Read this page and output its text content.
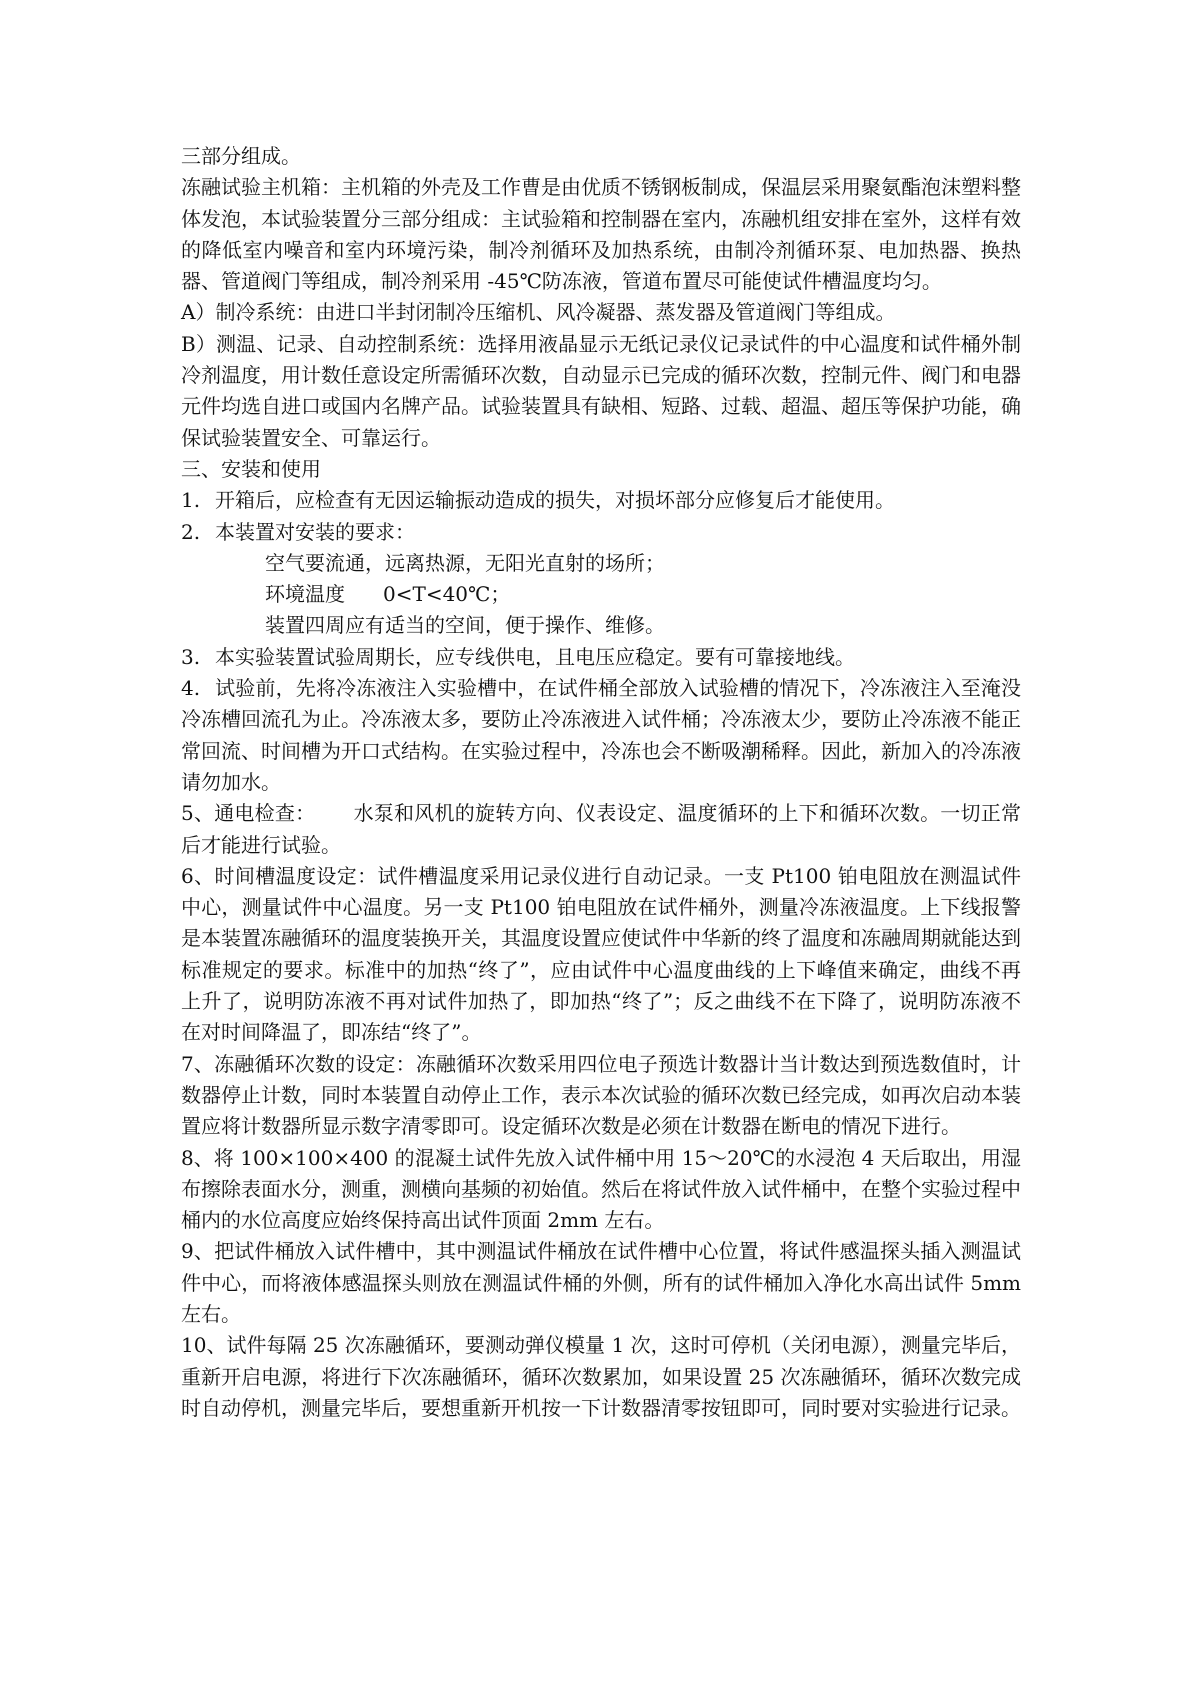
三部分组成。

冻融试验主机箱：主机箱的外壳及工作曹是由优质不锈钢板制成，保温层采用聚氨酯泡沫塑料整体发泡，本试验装置分三部分组成：主试验箱和控制器在室内，冻融机组安排在室外，这样有效的降低室内噪音和室内环境污染，制冷剂循环及加热系统，由制冷剂循环泵、电加热器、换热器、管道阀门等组成，制冷剂采用 -45℃防冻液，管道布置尽可能使试件槽温度均匀。

A）制冷系统：由进口半封闭制冷压缩机、风冷凝器、蒸发器及管道阀门等组成。

B）测温、记录、自动控制系统：选择用液晶显示无纸记录仪记录试件的中心温度和试件桶外制冷剂温度，用计数任意设定所需循环次数，自动显示已完成的循环次数，控制元件、阀门和电器元件均选自进口或国内名牌产品。试验装置具有缺相、短路、过载、超温、超压等保护功能，确保试验装置安全、可靠运行。

三、安装和使用

1. 开箱后，应检查有无因运输振动造成的损失，对损坏部分应修复后才能使用。

2. 本装置对安装的要求：

空气要流通，远离热源，无阳光直射的场所；

环境温度 0<T<40℃；

装置四周应有适当的空间，便于操作、维修。

3. 本实验装置试验周期长，应专线供电，且电压应稳定。要有可靠接地线。

4. 试验前，先将冷冻液注入实验槽中，在试件桶全部放入试验槽的情况下，冷冻液注入至淹没冷冻槽回流孔为止。冷冻液太多，要防止冷冻液进入试件桶；冷冻液太少，要防止冷冻液不能正常回流、时间槽为开口式结构。在实验过程中，冷冻也会不断吸潮稀释。因此，新加入的冷冻液请勿加水。

5、通电检查： 水泵和风机的旋转方向、仪表设定、温度循环的上下和循环次数。一切正常后才能进行试验。

6、时间槽温度设定：试件槽温度采用记录仪进行自动记录。一支 Pt100 铂电阻放在测温试件中心，测量试件中心温度。另一支 Pt100 铂电阻放在试件桶外，测量冷冻液温度。上下线报警是本装置冻融循环的温度装换开关，其温度设置应使试件中华新的终了温度和冻融周期就能达到标准规定的要求。标准中的加热“终了”，应由试件中心温度曲线的上下峰值来确定，曲线不再上升了，说明防冻液不再对试件加热了，即加热“终了”；反之曲线不在下降了，说明防冻液不在对时间降温了，即冻结“终了”。

7、冻融循环次数的设定：冻融循环次数采用四位电子预选计数器计当计数达到预选数值时，计数器停止计数，同时本装置自动停止工作，表示本次试验的循环次数已经完成，如再次启动本装置应将计数器所显示数字清零即可。设定循环次数是必须在计数器在断电的情况下进行。

8、将 100×100×400 的混凝土试件先放入试件桶中用 15～20℃的水浸泡 4 天后取出，用湿布擦除表面水分，测重，测横向基频的初始值。然后在将试件放入试件桶中，在整个实验过程中桶内的水位高度应始终保持高出试件顶面 2mm 左右。

9、把试件桶放入试件槽中，其中测温试件桶放在试件槽中心位置，将试件感温探头插入测温试件中心，而将液体感温探头则放在测温试件桶的外侧，所有的试件桶加入净化水高出试件 5mm 左右。

10、试件每隔 25 次冻融循环，要测动弹仪模量 1 次，这时可停机（关闭电源），测量完毕后，重新开启电源，将进行下次冻融循环，循环次数累加，如果设置 25 次冻融循环，循环次数完成时自动停机，测量完毕后，要想重新开机按一下计数器清零按钮即可，同时要对实验进行记录。
